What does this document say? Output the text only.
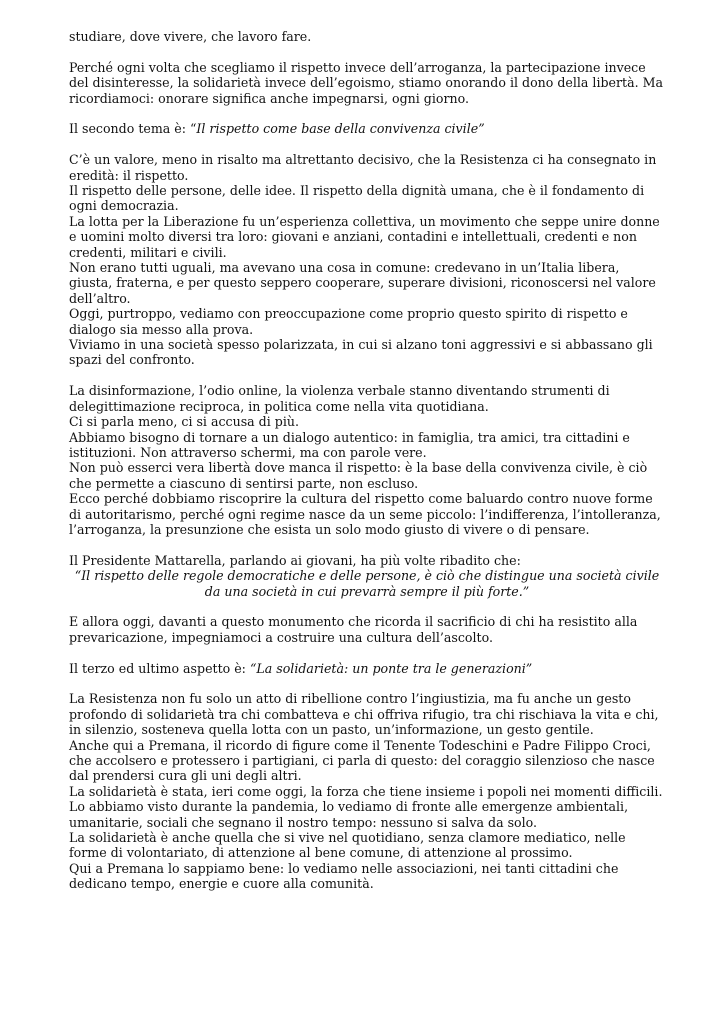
studiare, dove vivere, che lavoro fare.

Perché ogni volta che scegliamo il rispetto invece dell’arroganza, la partecipazione invece del disinteresse, la solidarietà invece dell’egoismo, stiamo onorando il dono della libertà. Ma ricordiamoci: onorare significa anche impegnarsi, ogni giorno.

Il secondo tema è: “Il rispetto come base della convivenza civile”

C’è un valore, meno in risalto ma altrettanto decisivo, che la Resistenza ci ha consegnato in eredità: il rispetto.

Il rispetto delle persone, delle idee. Il rispetto della dignità umana, che è il fondamento di ogni democrazia.

La lotta per la Liberazione fu un’esperienza collettiva, un movimento che seppe unire donne e uomini molto diversi tra loro: giovani e anziani, contadini e intellettuali, credenti e non credenti, militari e civili.

Non erano tutti uguali, ma avevano una cosa in comune: credevano in un’Italia libera, giusta, fraterna, e per questo seppero cooperare, superare divisioni, riconoscersi nel valore dell’altro.

Oggi, purtroppo, vediamo con preoccupazione come proprio questo spirito di rispetto e dialogo sia messo alla prova.

Viviamo in una società spesso polarizzata, in cui si alzano toni aggressivi e si abbassano gli spazi del confronto.

La disinformazione, l’odio online, la violenza verbale stanno diventando strumenti di delegittimazione reciproca, in politica come nella vita quotidiana.

Ci si parla meno, ci si accusa di più.

Abbiamo bisogno di tornare a un dialogo autentico: in famiglia, tra amici, tra cittadini e istituzioni. Non attraverso schermi, ma con parole vere.

Non può esserci vera libertà dove manca il rispetto: è la base della convivenza civile, è ciò che permette a ciascuno di sentirsi parte, non escluso.

Ecco perché dobbiamo riscoprire la cultura del rispetto come baluardo contro nuove forme di autoritarismo, perché ogni regime nasce da un seme piccolo: l’indifferenza, l’intolleranza, l’arroganza, la presunzione che esista un solo modo giusto di vivere o di pensare.

Il Presidente Mattarella, parlando ai giovani, ha più volte ribadito che:

“Il rispetto delle regole democratiche e delle persone, è ciò che distingue una società civile da una società in cui prevarrà sempre il più forte.”

E allora oggi, davanti a questo monumento che ricorda il sacrificio di chi ha resistito alla prevaricazione, impegniamoci a costruire una cultura dell’ascolto.

Il terzo ed ultimo aspetto è: “La solidarietà: un ponte tra le generazioni”

La Resistenza non fu solo un atto di ribellione contro l’ingiustizia, ma fu anche un gesto profondo di solidarietà tra chi combatteva e chi offriva rifugio, tra chi rischiava la vita e chi, in silenzio, sosteneva quella lotta con un pasto, un’informazione, un gesto gentile.

Anche qui a Premana, il ricordo di figure come il Tenente Todeschini e Padre Filippo Croci, che accolsero e protessero i partigiani, ci parla di questo: del coraggio silenzioso che nasce dal prendersi cura gli uni degli altri.

La solidarietà è stata, ieri come oggi, la forza che tiene insieme i popoli nei momenti difficili.

Lo abbiamo visto durante la pandemia, lo vediamo di fronte alle emergenze ambientali, umanitarie, sociali che segnano il nostro tempo: nessuno si salva da solo.

La solidarietà è anche quella che si vive nel quotidiano, senza clamore mediatico, nelle forme di volontariato, di attenzione al bene comune, di attenzione al prossimo.

Qui a Premana lo sappiamo bene: lo vediamo nelle associazioni, nei tanti cittadini che dedicano tempo, energie e cuore alla comunità.
